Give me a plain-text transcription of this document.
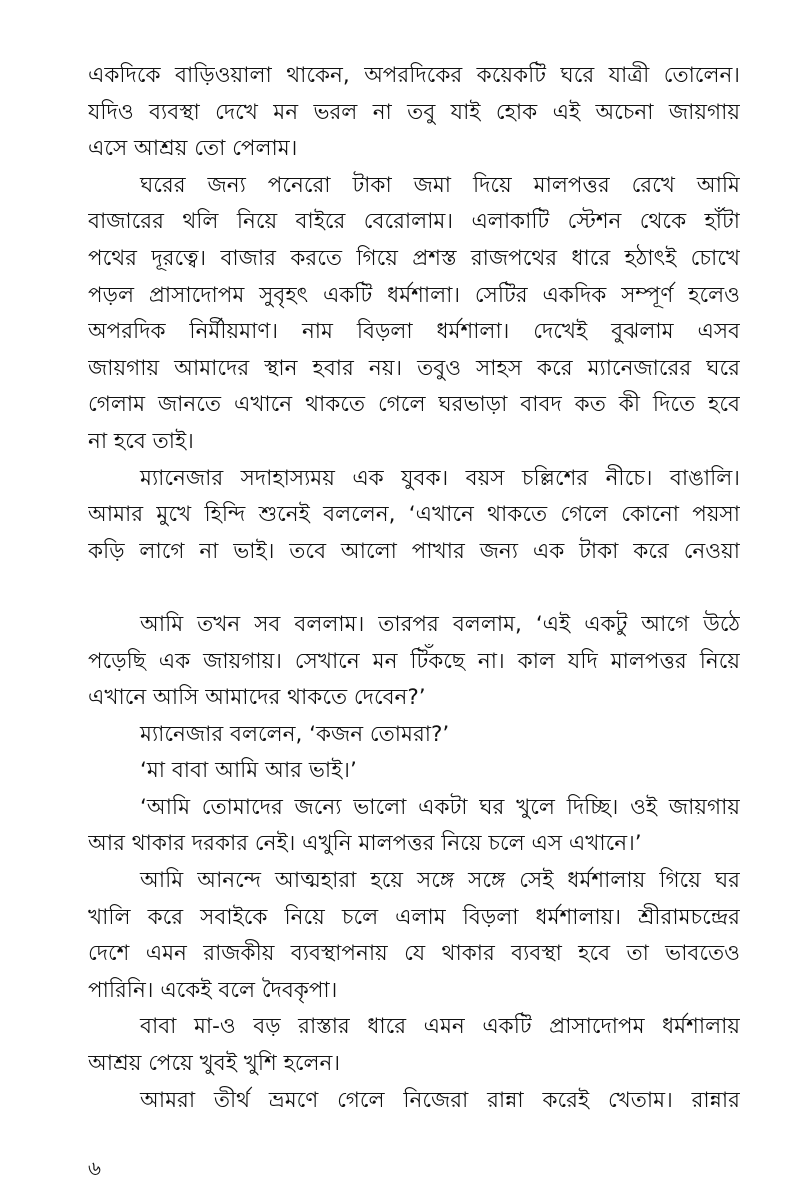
একদিকে বাড়িওয়ালা থাকেন, অপরদিকের কয়েকটি ঘরে যাত্রী তোলেন।
যদিও ব্যবস্থা দেখে মন ভরল না তবু যাই হোক এই অচেনা জায়গায়
এসে আশ্রয় তো পেলাম।
ঘরের জন্য পনেরো টাকা জমা দিয়ে মালপত্তর রেখে আমি
বাজারের থলি নিয়ে বাইরে বেরোলাম। এলাকাটি স্টেশন থেকে হাঁটা
পথের দূরত্বে। বাজার করতে গিয়ে প্রশস্ত রাজপথের ধারে হঠাৎই চোখে
পড়ল প্রাসাদোপম সুবৃহৎ একটি ধর্মশালা। সেটির একদিক সম্পূর্ণ হলেও
অপরদিক নির্মীয়মাণ। নাম বিড়লা ধর্মশালা। দেখেই বুঝলাম এসব
জায়গায় আমাদের স্থান হবার নয়। তবুও সাহস করে ম্যানেজারের ঘরে
গেলাম জানতে এখানে থাকতে গেলে ঘরভাড়া বাবদ কত কী দিতে হবে
না হবে তাই।
ম্যানেজার সদাহাস্যময় এক যুবক। বয়স চল্লিশের নীচে। বাঙালি।
আমার মুখে হিন্দি শুনেই বললেন, ‘এখানে থাকতে গেলে কোনো পয়সা
কড়ি লাগে না ভাই। তবে আলো পাখার জন্য এক টাকা করে নেওয়া
আমি তখন সব বললাম। তারপর বললাম, ‘এই একটু আগে উঠে
পড়েছি এক জায়গায়। সেখানে মন টিঁকছে না। কাল যদি মালপত্তর নিয়ে
এখানে আসি আমাদের থাকতে দেবেন?’
ম্যানেজার বললেন, ‘কজন তোমরা?’
‘মা বাবা আমি আর ভাই।’
‘আমি তোমাদের জন্যে ভালো একটা ঘর খুলে দিচ্ছি। ওই জায়গায়
আর থাকার দরকার নেই। এখুনি মালপত্তর নিয়ে চলে এস এখানে।’
আমি আনন্দে আত্মহারা হয়ে সঙ্গে সঙ্গে সেই ধর্মশালায় গিয়ে ঘর
খালি করে সবাইকে নিয়ে চলে এলাম বিড়লা ধর্মশালায়। শ্রীরামচন্দ্রের
দেশে এমন রাজকীয় ব্যবস্থাপনায় যে থাকার ব্যবস্থা হবে তা ভাবতেও
পারিনি। একেই বলে দৈবকৃপা।
বাবা মা-ও বড় রাস্তার ধারে এমন একটি প্রাসাদোপম ধর্মশালায়
আশ্রয় পেয়ে খুবই খুশি হলেন।
আমরা তীর্থ ভ্রমণে গেলে নিজেরা রান্না করেই খেতাম। রান্নার
৬
